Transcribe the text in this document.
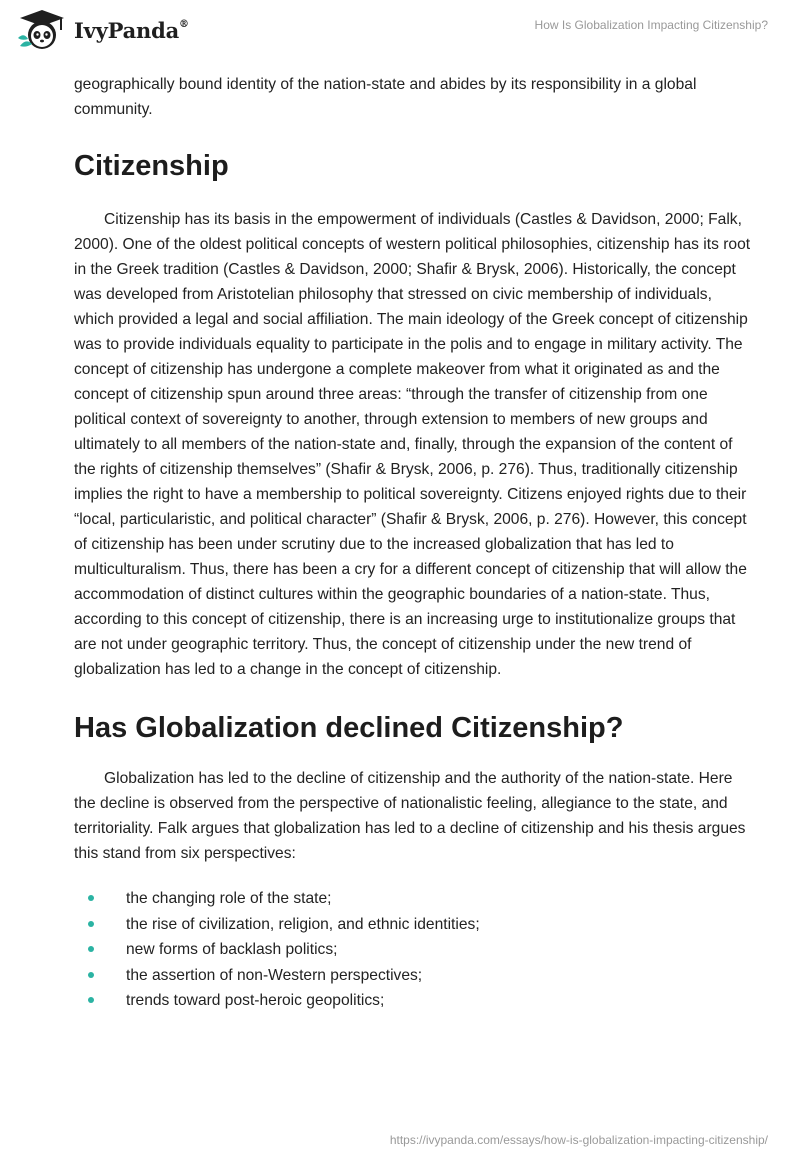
IvyPanda®	How Is Globalization Impacting Citizenship?

geographically bound identity of the nation-state and abides by its responsibility in a global community.

Citizenship

Citizenship has its basis in the empowerment of individuals (Castles & Davidson, 2000; Falk, 2000). One of the oldest political concepts of western political philosophies, citizenship has its root in the Greek tradition (Castles & Davidson, 2000; Shafir & Brysk, 2006). Historically, the concept was developed from Aristotelian philosophy that stressed on civic membership of individuals, which provided a legal and social affiliation. The main ideology of the Greek concept of citizenship was to provide individuals equality to participate in the polis and to engage in military activity. The concept of citizenship has undergone a complete makeover from what it originated as and the concept of citizenship spun around three areas: “through the transfer of citizenship from one political context of sovereignty to another, through extension to members of new groups and ultimately to all members of the nation-state and, finally, through the expansion of the content of the rights of citizenship themselves” (Shafir & Brysk, 2006, p. 276). Thus, traditionally citizenship implies the right to have a membership to political sovereignty. Citizens enjoyed rights due to their “local, particularistic, and political character” (Shafir & Brysk, 2006, p. 276). However, this concept of citizenship has been under scrutiny due to the increased globalization that has led to multiculturalism. Thus, there has been a cry for a different concept of citizenship that will allow the accommodation of distinct cultures within the geographic boundaries of a nation-state. Thus, according to this concept of citizenship, there is an increasing urge to institutionalize groups that are not under geographic territory. Thus, the concept of citizenship under the new trend of globalization has led to a change in the concept of citizenship.

Has Globalization declined Citizenship?

Globalization has led to the decline of citizenship and the authority of the nation-state. Here the decline is observed from the perspective of nationalistic feeling, allegiance to the state, and territoriality. Falk argues that globalization has led to a decline of citizenship and his thesis argues this stand from six perspectives:

the changing role of the state;
the rise of civilization, religion, and ethnic identities;
new forms of backlash politics;
the assertion of non-Western perspectives;
trends toward post-heroic geopolitics;
https://ivypanda.com/essays/how-is-globalization-impacting-citizenship/
